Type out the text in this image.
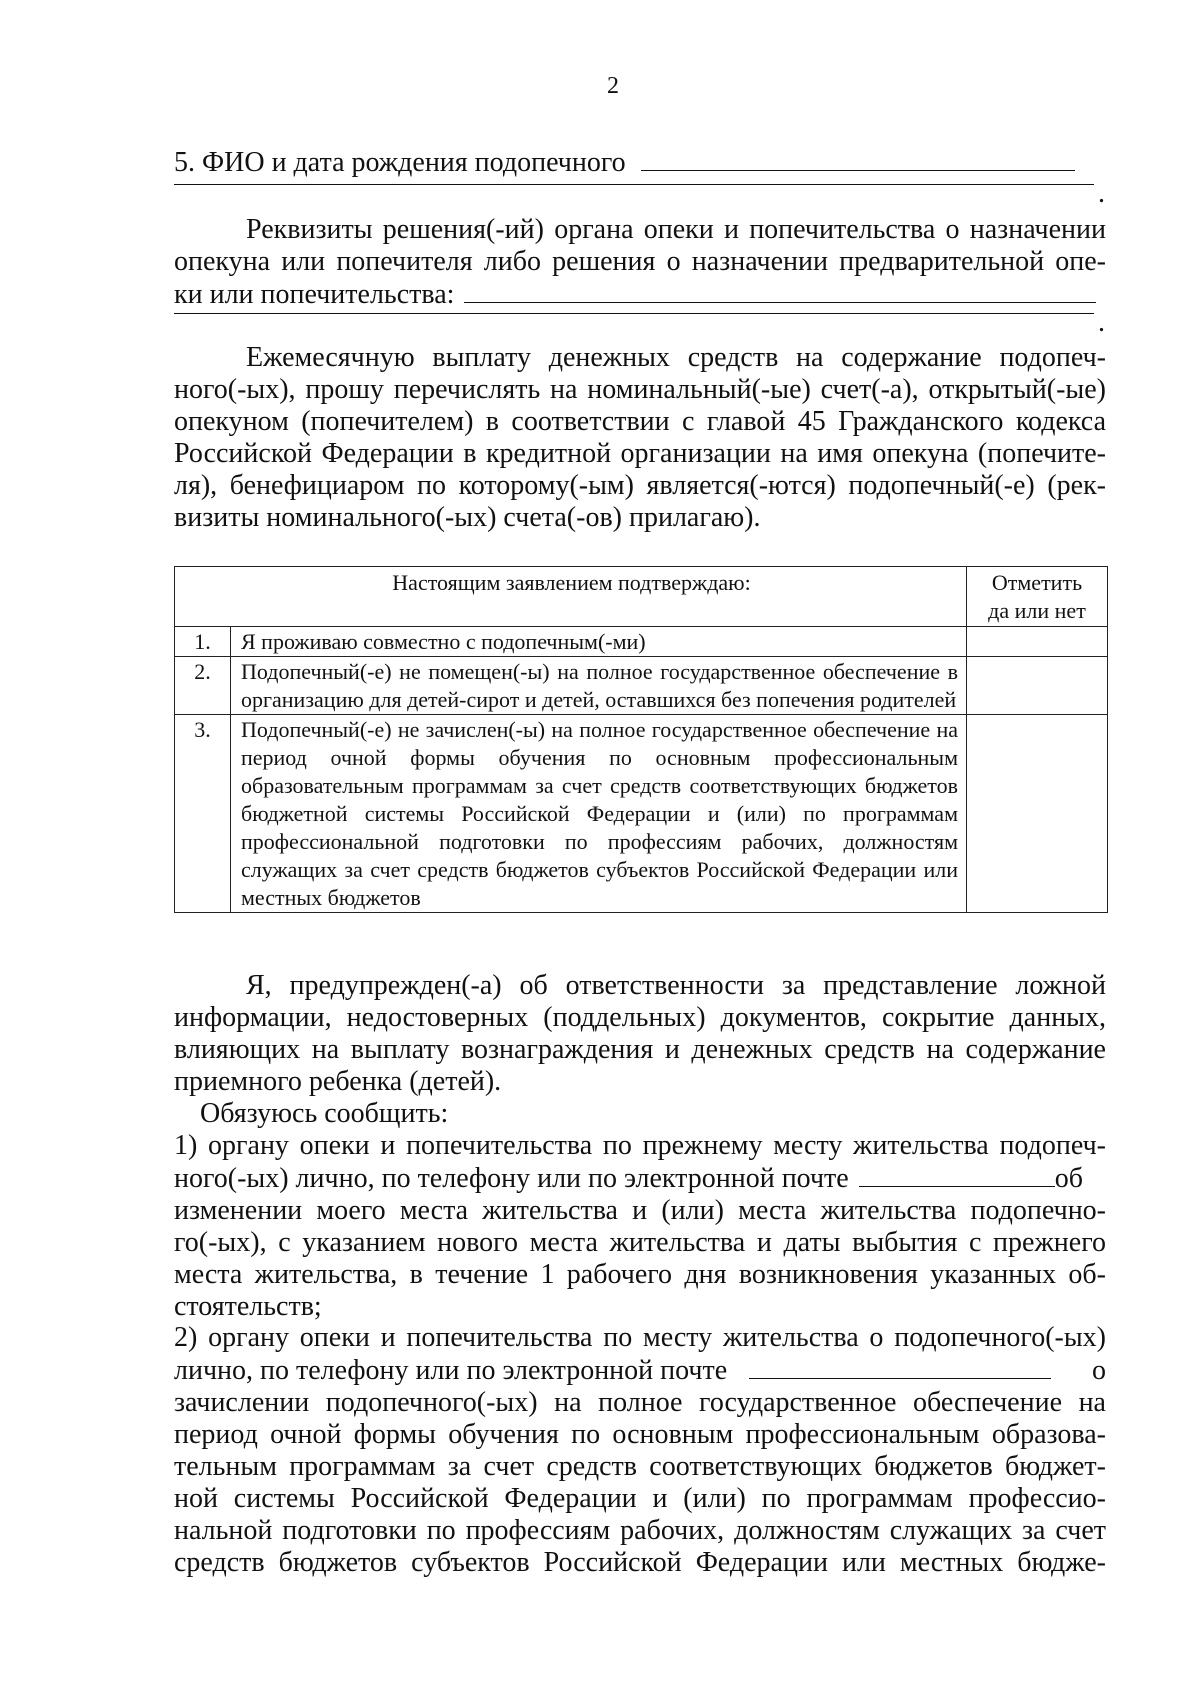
2
5. ФИО и дата рождения подопечного
.
Реквизиты решения(-ий) органа опеки и попечительства о назначении
опекуна или попечителя либо решения о назначении предварительной опе-
ки или попечительства:
.
Ежемесячную выплату денежных средств на содержание подопеч-
ного(-ых), прошу перечислять на номинальный(-ые) счет(-а), открытый(-ые)
опекуном (попечителем) в соответствии с главой 45 Гражданского кодекса
Российской Федерации в кредитной организации на имя опекуна (попечите-
ля), бенефициаром по которому(-ым) является(-ются) подопечный(-е) (рек-
визиты номинального(-ых) счета(-ов) прилагаю).
Настоящим заявлением подтверждаю:		Отметить
да или нет

1.	Я проживаю совместно с подопечным(-ми)	
2.	Подопечный(-е) не помещен(-ы) на полное государственное обеспечение в организацию для детей-сирот и детей, оставшихся без попечения родителей	
3.	Подопечный(-е) не зачислен(-ы) на полное государственное обеспечение на период очной формы обучения по основным профессиональным образовательным программам за счет средств соответствующих бюджетов бюджетной системы Российской Федерации и (или) по программам профессиональной подготовки по профессиям рабочих, должностям служащих за счет средств бюджетов субъектов Российской Федерации или местных бюджетов	
Я, предупрежден(-а) об ответственности за представление ложной
информации, недостоверных (поддельных) документов, сокрытие данных,
влияющих на выплату вознаграждения и денежных средств на содержание
приемного ребенка (детей).
Обязуюсь сообщить:
1) органу опеки и попечительства по прежнему месту жительства подопеч-
ного(-ых) лично, по телефону или по электронной почте	об
изменении моего места жительства и (или) места жительства подопечно-
го(-ых), с указанием нового места жительства и даты выбытия с прежнего
места жительства, в течение 1 рабочего дня возникновения указанных об-
стоятельств;
2) органу опеки и попечительства по месту жительства о подопечного(-ых)
лично, по телефону или по электронной почте	о
зачислении подопечного(-ых) на полное государственное обеспечение на
период очной формы обучения по основным профессиональным образова-
тельным программам за счет средств соответствующих бюджетов бюджет-
ной системы Российской Федерации и (или) по программам профессио-
нальной подготовки по профессиям рабочих, должностям служащих за счет
средств бюджетов субъектов Российской Федерации или местных бюдже-
